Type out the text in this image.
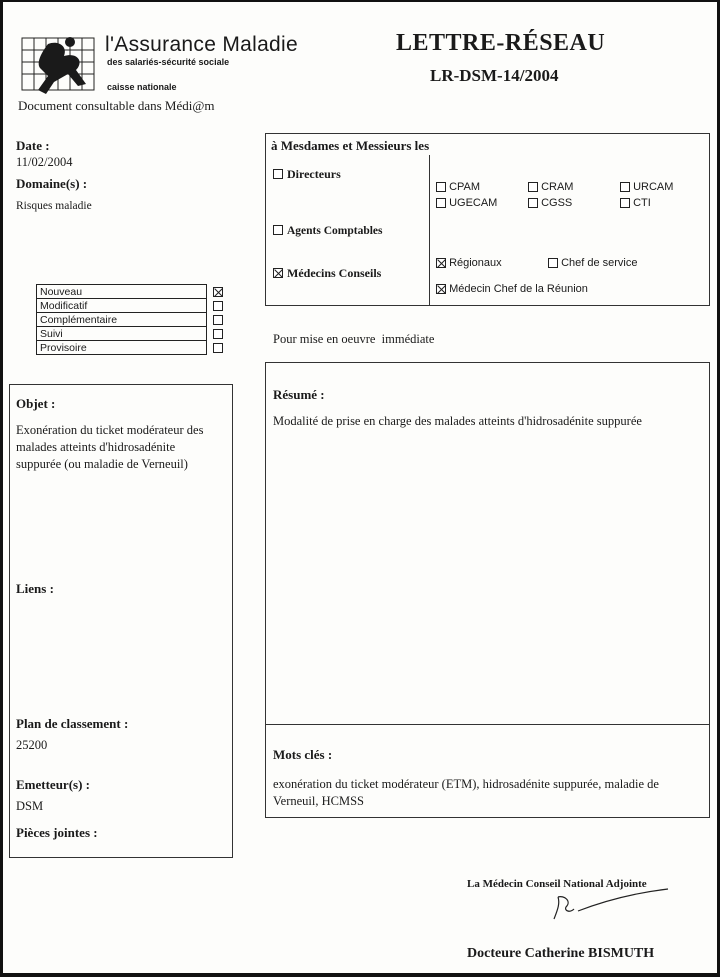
l'Assurance Maladie
des salariés-sécurité sociale
caisse nationale
Document consultable dans Médi@m
LETTRE-RÉSEAU
LR-DSM-14/2004
Date :
11/02/2004
Domaine(s) :
Risques maladie
Nouveau	
Modificatif	
Complémentaire	
Suivi	
Provisoire	
Objet :
Exonération du ticket modérateur des malades atteints d'hidrosadénite suppurée (ou maladie de Verneuil)
Liens :
Plan de classement :
25200
Emetteur(s) :
DSM
Pièces jointes :
à Mesdames et Messieurs les
Directeurs
Agents Comptables
Médecins Conseils
CPAM	CRAM	URCAM
UGECAM	CGSS	CTI
Régionaux	Chef de service
Médecin Chef de la Réunion
Pour mise en oeuvre immédiate
Résumé :
Modalité de prise en charge des malades atteints d'hidrosadénite suppurée
Mots clés :
exonération du ticket modérateur (ETM), hidrosadénite suppurée, maladie de Verneuil, HCMSS
La Médecin Conseil National Adjointe
Docteure Catherine BISMUTH
